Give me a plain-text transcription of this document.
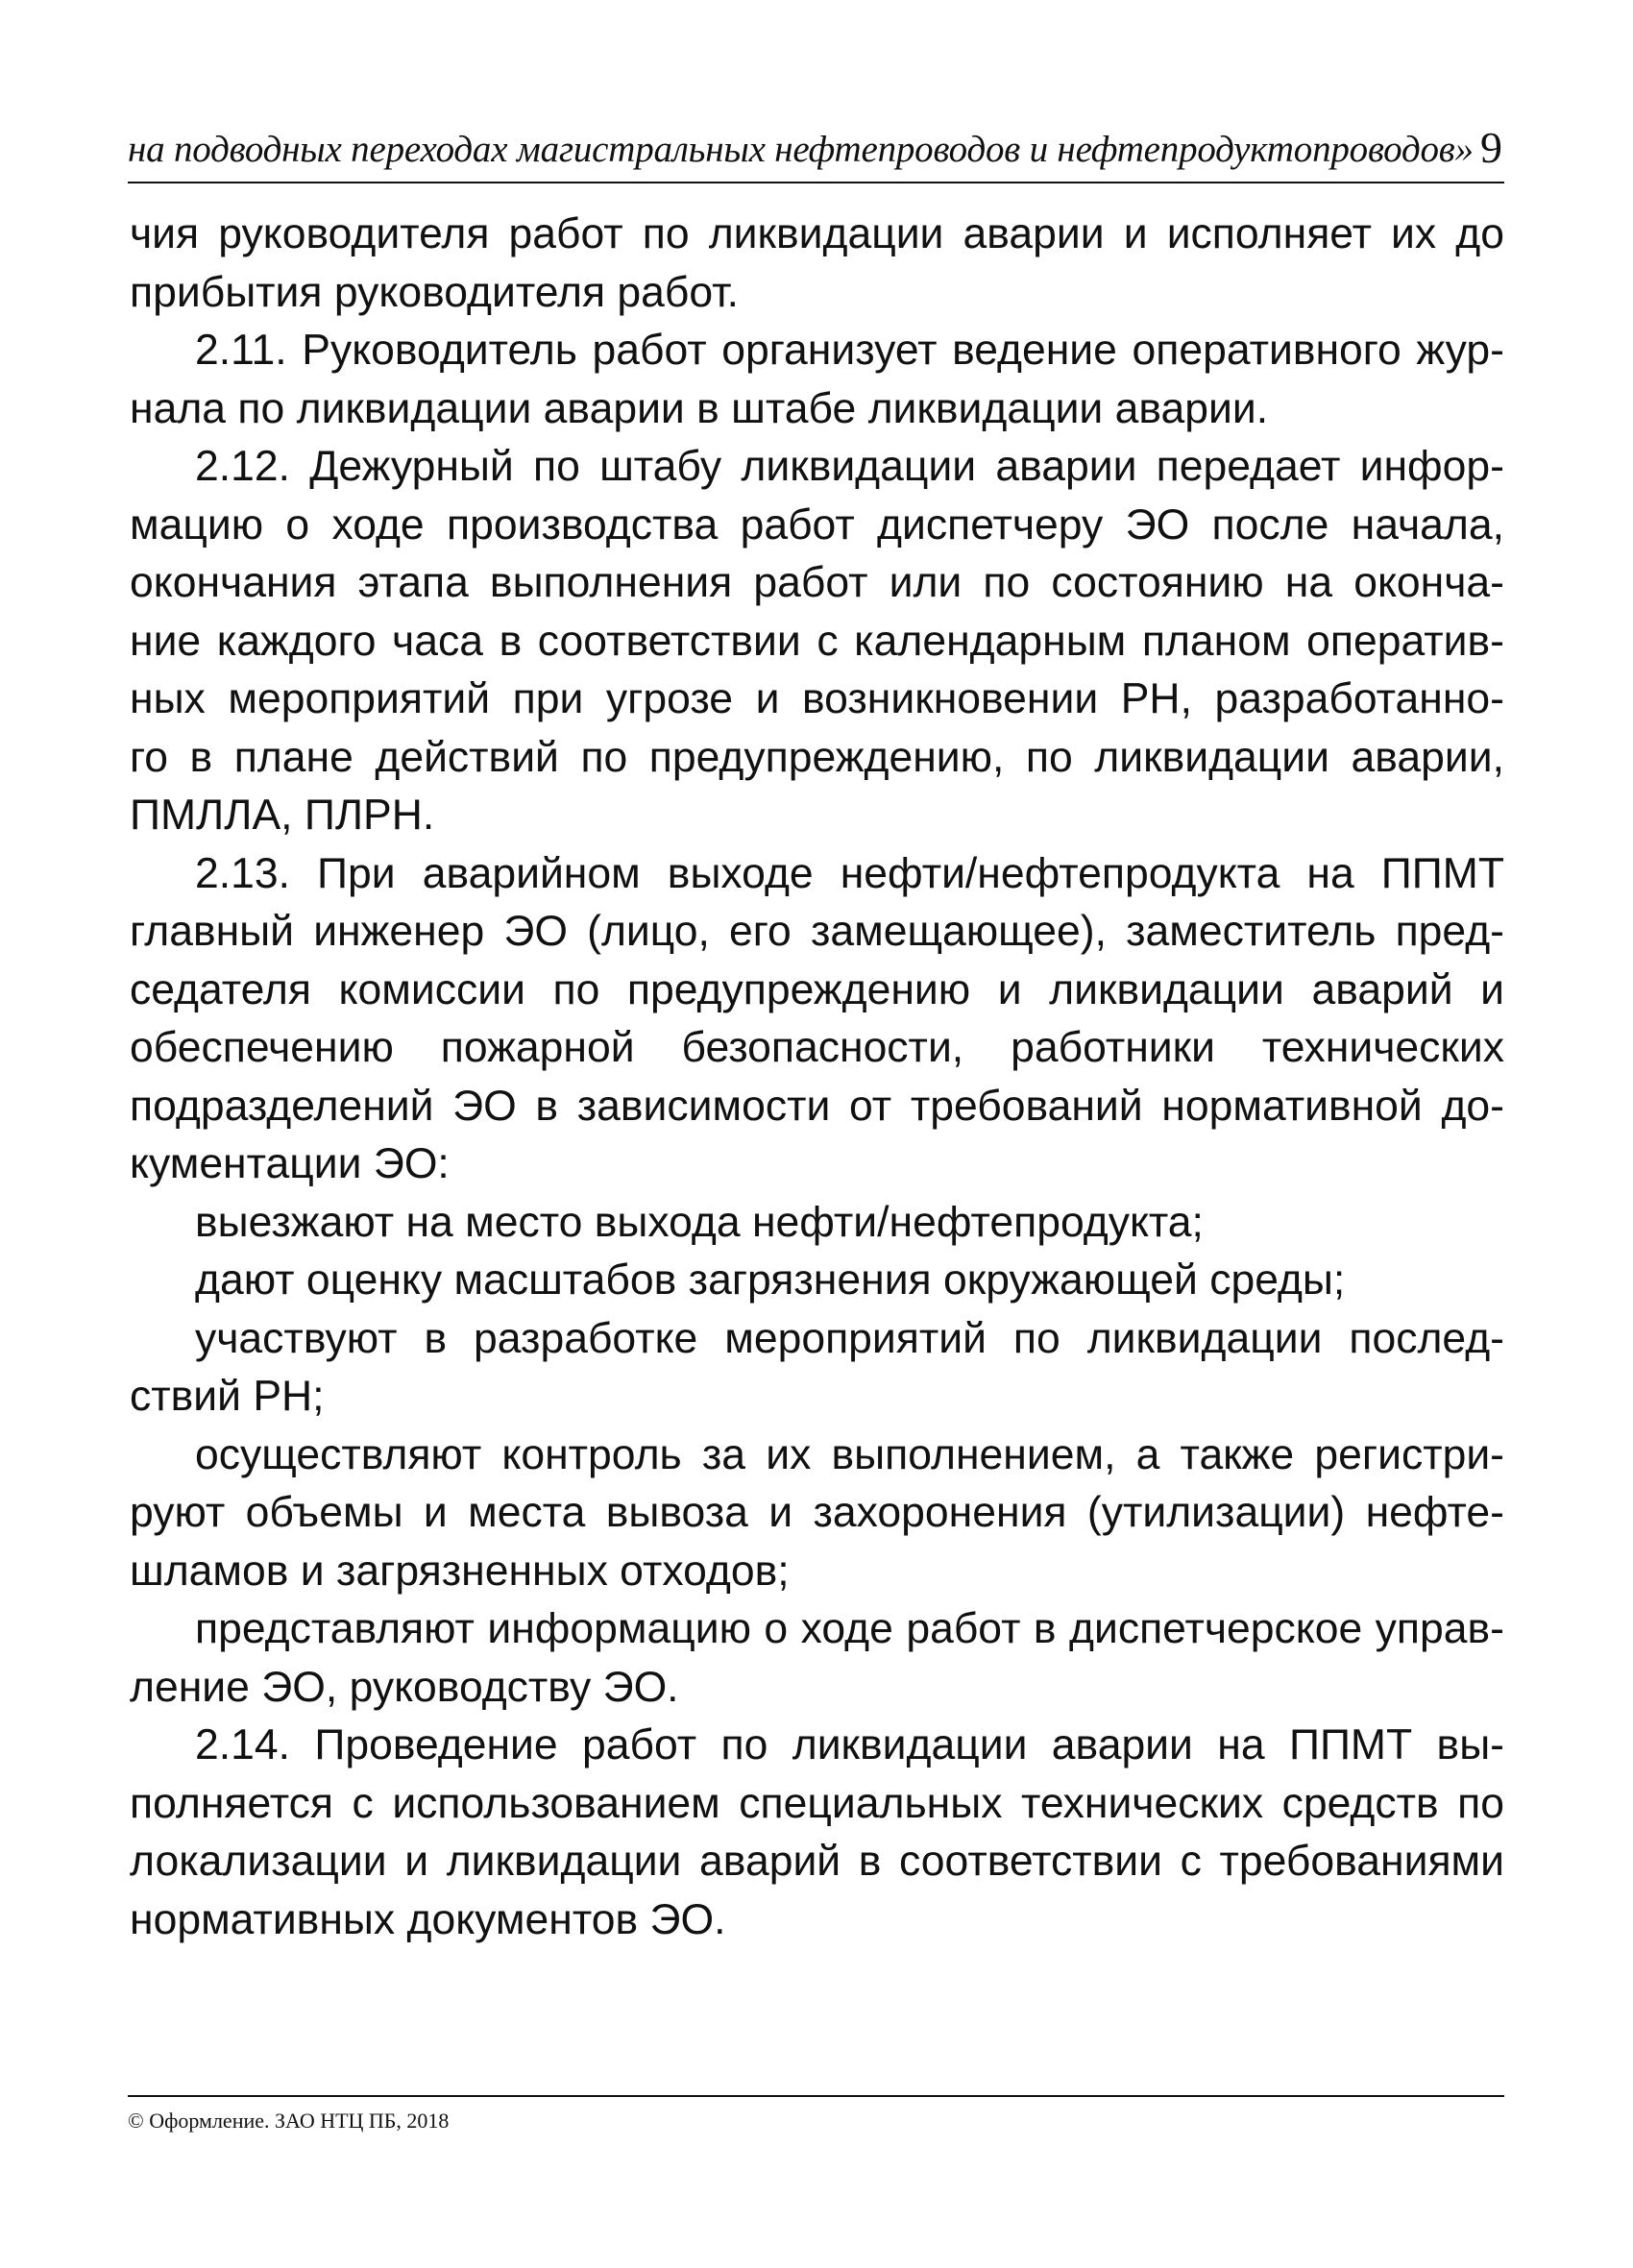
на подводных переходах магистральных нефтепроводов и нефтепродуктопроводов» 9
чия руководителя работ по ликвидации аварии и исполняет их до
прибытия руководителя работ.
2.11. Руководитель работ организует ведение оперативного жур-
нала по ликвидации аварии в штабе ликвидации аварии.
2.12. Дежурный по штабу ликвидации аварии передает инфор-
мацию о ходе производства работ диспетчеру ЭО после начала,
окончания этапа выполнения работ или по состоянию на оконча-
ние каждого часа в соответствии с календарным планом оператив-
ных мероприятий при угрозе и возникновении РН, разработанно-
го в плане действий по предупреждению, по ликвидации аварии,
ПМЛЛА, ПЛРН.
2.13. При аварийном выходе нефти/нефтепродукта на ППМТ
главный инженер ЭО (лицо, его замещающее), заместитель пред-
седателя комиссии по предупреждению и ликвидации аварий и
обеспечению пожарной безопасности, работники технических
подразделений ЭО в зависимости от требований нормативной до-
кументации ЭО:
выезжают на место выхода нефти/нефтепродукта;
дают оценку масштабов загрязнения окружающей среды;
участвуют в разработке мероприятий по ликвидации послед-
ствий РН;
осуществляют контроль за их выполнением, а также регистри-
руют объемы и места вывоза и захоронения (утилизации) нефте-
шламов и загрязненных отходов;
представляют информацию о ходе работ в диспетчерское управ-
ление ЭО, руководству ЭО.
2.14. Проведение работ по ликвидации аварии на ППМТ вы-
полняется с использованием специальных технических средств по
локализации и ликвидации аварий в соответствии с требованиями
нормативных документов ЭО.
© Оформление. ЗАО НТЦ ПБ, 2018
